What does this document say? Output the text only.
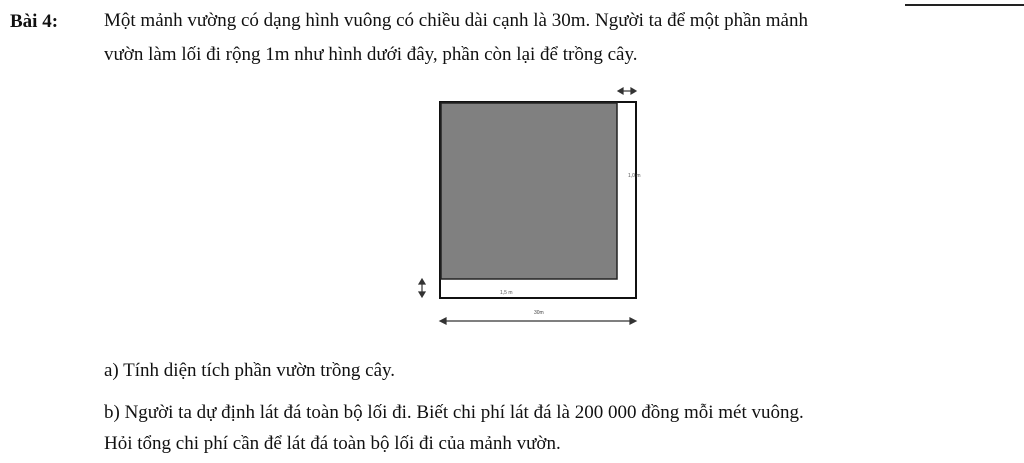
Bài 4: Một mảnh vường có dạng hình vuông có chiều dài cạnh là 30m. Người ta để một phần mảnh
vườn làm lối đi rộng 1m như hình dưới đây, phần còn lại để trồng cây.
1,0 m
1,5 m
30m
a) Tính diện tích phần vườn trồng cây.
b) Người ta dự định lát đá toàn bộ lối đi. Biết chi phí lát đá là 200 000 đồng mỗi mét vuông.
Hỏi tổng chi phí cần để lát đá toàn bộ lối đi của mảnh vườn.
